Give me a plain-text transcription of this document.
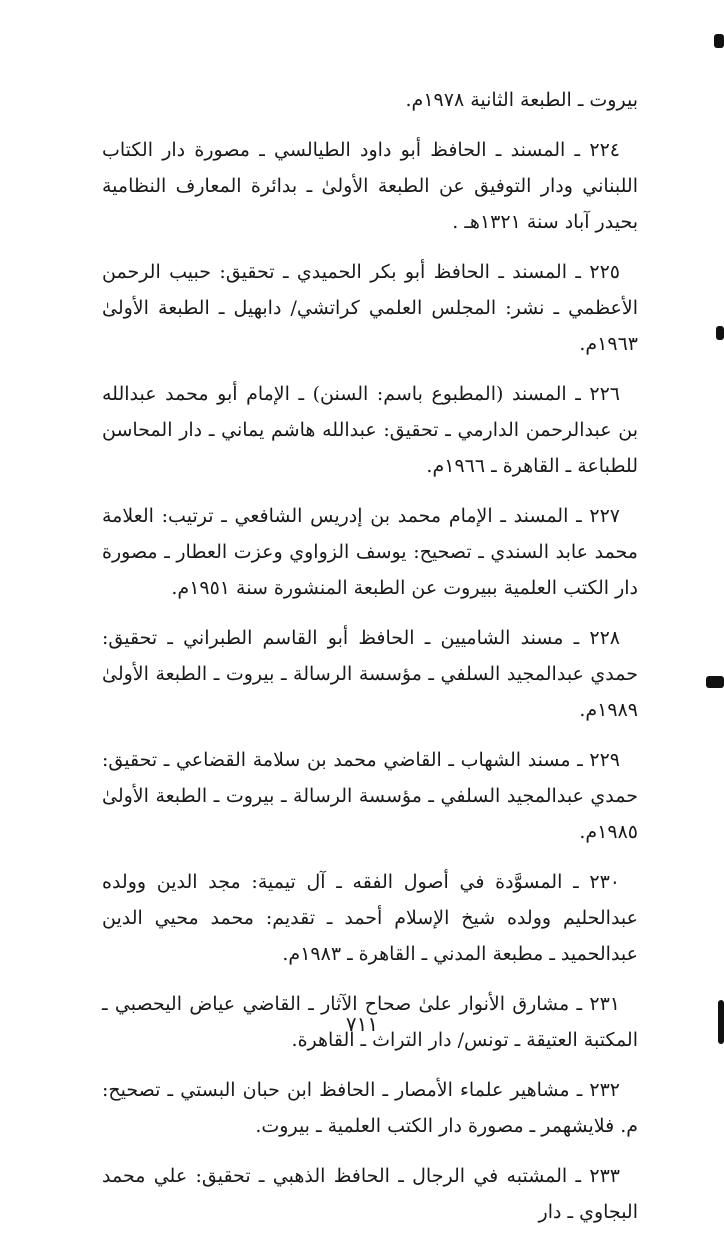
بيروت ـ الطبعة الثانية ١٩٧٨م.

٢٢٤ ـ المسند ـ الحافظ أبو داود الطيالسي ـ مصورة دار الكتاب اللبناني ودار التوفيق عن الطبعة الأولىٰ ـ بدائرة المعارف النظامية بحيدر آباد سنة ١٣٢١هـ .

٢٢٥ ـ المسند ـ الحافظ أبو بكر الحميدي ـ تحقيق: حبيب الرحمن الأعظمي ـ نشر: المجلس العلمي كراتشي/ دابهيل ـ الطبعة الأولىٰ ١٩٦٣م.

٢٢٦ ـ المسند (المطبوع باسم: السنن) ـ الإمام أبو محمد عبدالله بن عبدالرحمن الدارمي ـ تحقيق: عبدالله هاشم يماني ـ دار المحاسن للطباعة ـ القاهرة ـ ١٩٦٦م.

٢٢٧ ـ المسند ـ الإمام محمد بن إدريس الشافعي ـ ترتيب: العلامة محمد عابد السندي ـ تصحيح: يوسف الزواوي وعزت العطار ـ مصورة دار الكتب العلمية ببيروت عن الطبعة المنشورة سنة ١٩٥١م.

٢٢٨ ـ مسند الشاميين ـ الحافظ أبو القاسم الطبراني ـ تحقيق: حمدي عبدالمجيد السلفي ـ مؤسسة الرسالة ـ بيروت ـ الطبعة الأولىٰ ١٩٨٩م.

٢٢٩ ـ مسند الشهاب ـ القاضي محمد بن سلامة القضاعي ـ تحقيق: حمدي عبدالمجيد السلفي ـ مؤسسة الرسالة ـ بيروت ـ الطبعة الأولىٰ ١٩٨٥م.

٢٣٠ ـ المسوَّدة في أصول الفقه ـ آل تيمية: مجد الدين وولده عبدالحليم وولده شيخ الإسلام أحمد ـ تقديم: محمد محيي الدين عبدالحميد ـ مطبعة المدني ـ القاهرة ـ ١٩٨٣م.

٢٣١ ـ مشارق الأنوار علىٰ صحاح الآثار ـ القاضي عياض اليحصبي ـ المكتبة العتيقة ـ تونس/ دار التراث ـ القاهرة.

٢٣٢ ـ مشاهير علماء الأمصار ـ الحافظ ابن حبان البستي ـ تصحيح: م. فلايشهمر ـ مصورة دار الكتب العلمية ـ بيروت.

٢٣٣ ـ المشتبه في الرجال ـ الحافظ الذهبي ـ تحقيق: علي محمد البجاوي ـ دار

٧١١
